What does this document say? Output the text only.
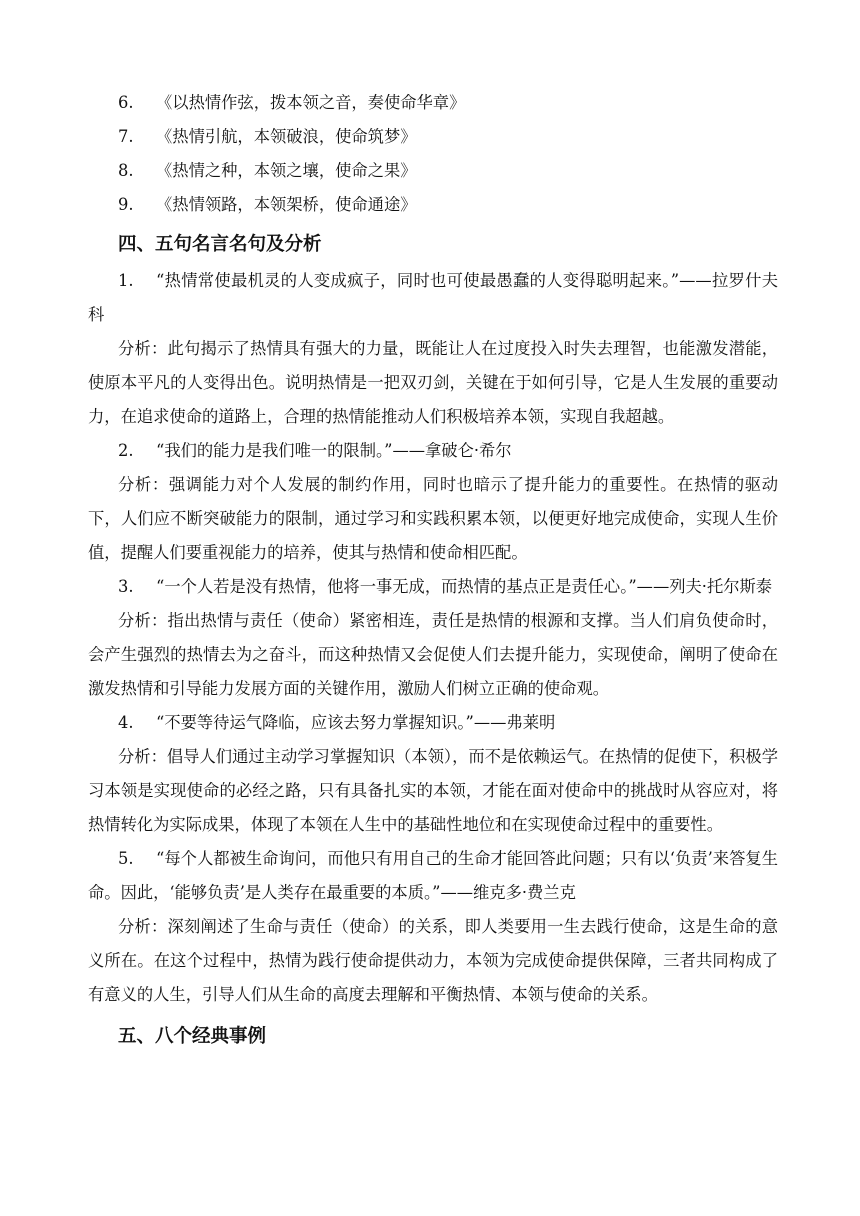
6. 《以热情作弦，拨本领之音，奏使命华章》
7. 《热情引航，本领破浪，使命筑梦》
8. 《热情之种，本领之壤，使命之果》
9. 《热情领路，本领架桥，使命通途》
四、五句名言名句及分析

1. “热情常使最机灵的人变成疯子，同时也可使最愚蠢的人变得聪明起来。”——拉罗什夫科

分析：此句揭示了热情具有强大的力量，既能让人在过度投入时失去理智，也能激发潜能，使原本平凡的人变得出色。说明热情是一把双刃剑，关键在于如何引导，它是人生发展的重要动力，在追求使命的道路上，合理的热情能推动人们积极培养本领，实现自我超越。

2. “我们的能力是我们唯一的限制。”——拿破仑·希尔

分析：强调能力对个人发展的制约作用，同时也暗示了提升能力的重要性。在热情的驱动下，人们应不断突破能力的限制，通过学习和实践积累本领，以便更好地完成使命，实现人生价值，提醒人们要重视能力的培养，使其与热情和使命相匹配。

3. “一个人若是没有热情，他将一事无成，而热情的基点正是责任心。”——列夫·托尔斯泰

分析：指出热情与责任（使命）紧密相连，责任是热情的根源和支撑。当人们肩负使命时，会产生强烈的热情去为之奋斗，而这种热情又会促使人们去提升能力，实现使命，阐明了使命在激发热情和引导能力发展方面的关键作用，激励人们树立正确的使命观。

4. “不要等待运气降临，应该去努力掌握知识。”——弗莱明

分析：倡导人们通过主动学习掌握知识（本领），而不是依赖运气。在热情的促使下，积极学习本领是实现使命的必经之路，只有具备扎实的本领，才能在面对使命中的挑战时从容应对，将热情转化为实际成果，体现了本领在人生中的基础性地位和在实现使命过程中的重要性。

5. “每个人都被生命询问，而他只有用自己的生命才能回答此问题；只有以‘负责’来答复生命。因此，‘能够负责’是人类存在最重要的本质。”——维克多·费兰克

分析：深刻阐述了生命与责任（使命）的关系，即人类要用一生去践行使命，这是生命的意义所在。在这个过程中，热情为践行使命提供动力，本领为完成使命提供保障，三者共同构成了有意义的人生，引导人们从生命的高度去理解和平衡热情、本领与使命的关系。

五、八个经典事例
